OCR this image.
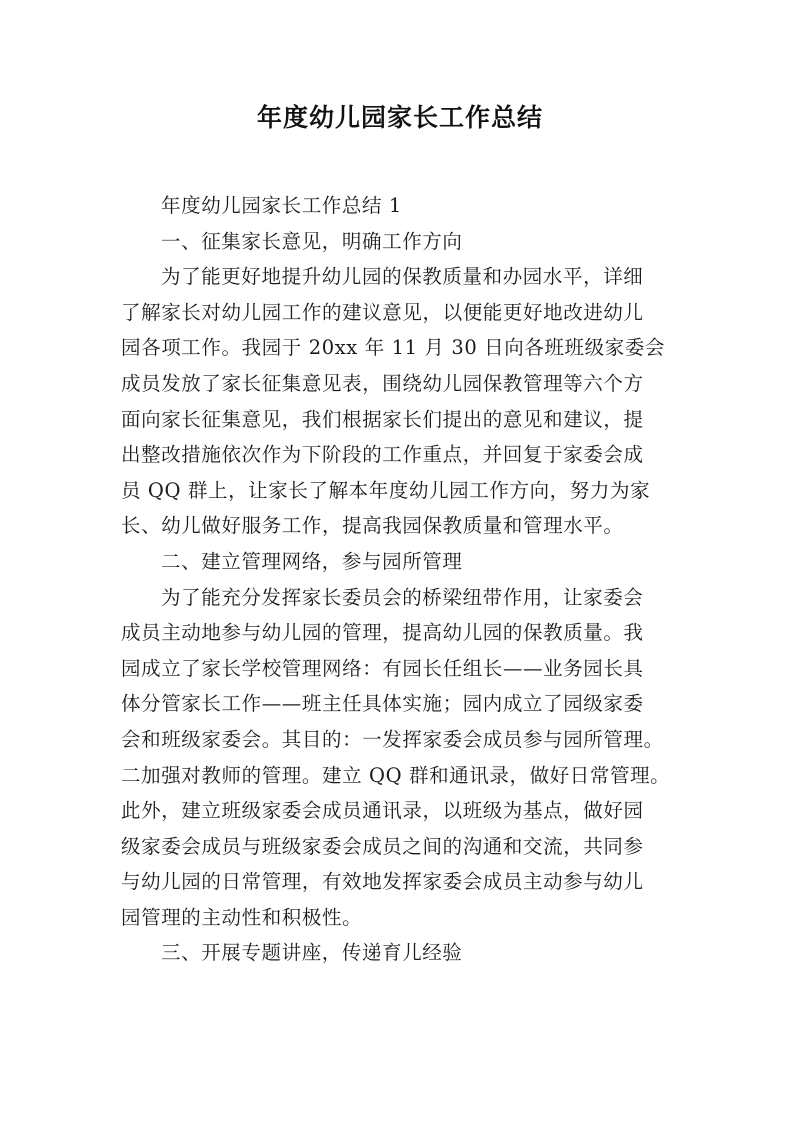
年度幼儿园家长工作总结
年度幼儿园家长工作总结 1
一、征集家长意见，明确工作方向
为了能更好地提升幼儿园的保教质量和办园水平，详细
了解家长对幼儿园工作的建议意见，以便能更好地改进幼儿
园各项工作。我园于 20xx 年 11 月 30 日向各班班级家委会
成员发放了家长征集意见表，围绕幼儿园保教管理等六个方
面向家长征集意见，我们根据家长们提出的意见和建议，提
出整改措施依次作为下阶段的工作重点，并回复于家委会成
员 QQ 群上，让家长了解本年度幼儿园工作方向，努力为家
长、幼儿做好服务工作，提高我园保教质量和管理水平。
二、建立管理网络，参与园所管理
为了能充分发挥家长委员会的桥梁纽带作用，让家委会
成员主动地参与幼儿园的管理，提高幼儿园的保教质量。我
园成立了家长学校管理网络：有园长任组长——业务园长具
体分管家长工作——班主任具体实施；园内成立了园级家委
会和班级家委会。其目的：一发挥家委会成员参与园所管理。
二加强对教师的管理。建立 QQ 群和通讯录，做好日常管理。
此外，建立班级家委会成员通讯录，以班级为基点，做好园
级家委会成员与班级家委会成员之间的沟通和交流，共同参
与幼儿园的日常管理，有效地发挥家委会成员主动参与幼儿
园管理的主动性和积极性。
三、开展专题讲座，传递育儿经验
